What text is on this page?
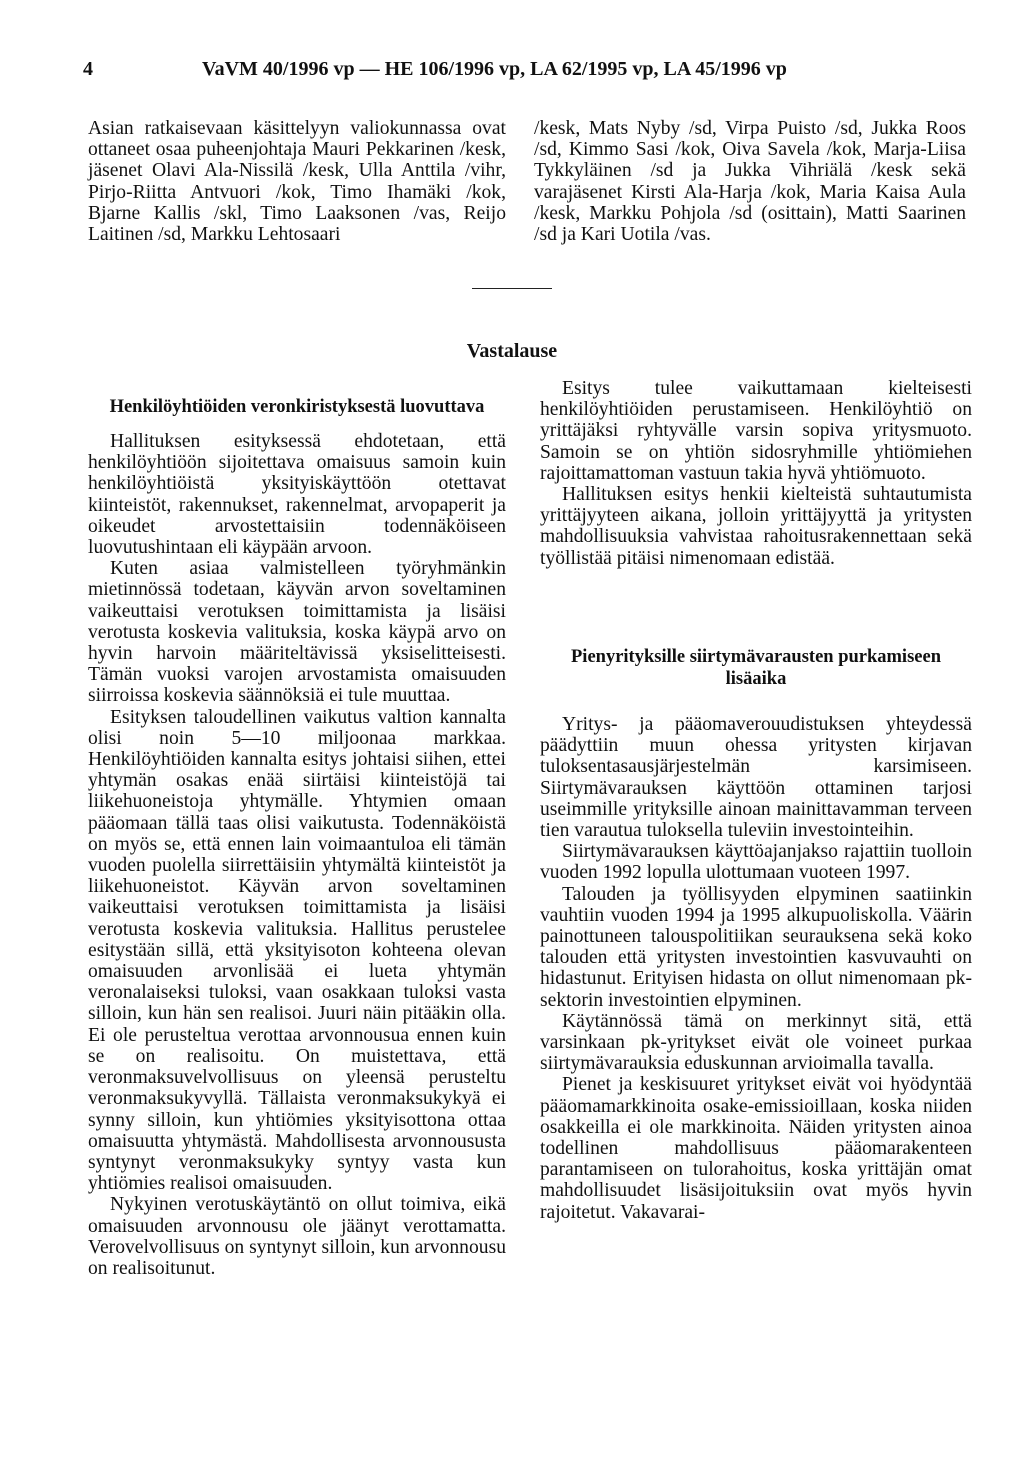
4	VaVM 40/1996 vp — HE 106/1996 vp, LA 62/1995 vp, LA 45/1996 vp

Asian ratkaisevaan käsittelyyn valiokunnassa ovat ottaneet osaa puheenjohtaja Mauri Pekkarinen /kesk, jäsenet Olavi Ala-Nissilä /kesk, Ulla Anttila /vihr, Pirjo-Riitta Antvuori /kok, Timo Ihamäki /kok, Bjarne Kallis /skl, Timo Laaksonen /vas, Reijo Laitinen /sd, Markku Lehtosaari

/kesk, Mats Nyby /sd, Virpa Puisto /sd, Jukka Roos /sd, Kimmo Sasi /kok, Oiva Savela /kok, Marja-Liisa Tykkyläinen /sd ja Jukka Vihriälä /kesk sekä varajäsenet Kirsti Ala-Harja /kok, Maria Kaisa Aula /kesk, Markku Pohjola /sd (osittain), Matti Saarinen /sd ja Kari Uotila /vas.

Vastalause
Henkilöyhtiöiden veronkiristyksestä luovuttava

Hallituksen esityksessä ehdotetaan, että henkilöyhtiöön sijoitettava omaisuus samoin kuin henkilöyhtiöistä yksityiskäyttöön otettavat kiinteistöt, rakennukset, rakennelmat, arvopaperit ja oikeudet arvostettaisiin todennäköiseen luovutushintaan eli käypään arvoon.

Kuten asiaa valmistelleen työryhmänkin mietinnössä todetaan, käyvän arvon soveltaminen vaikeuttaisi verotuksen toimittamista ja lisäisi verotusta koskevia valituksia, koska käypä arvo on hyvin harvoin määriteltävissä yksiselitteisesti. Tämän vuoksi varojen arvostamista omaisuuden siirroissa koskevia säännöksiä ei tule muuttaa.

Esityksen taloudellinen vaikutus valtion kannalta olisi noin 5—10 miljoonaa markkaa. Henkilöyhtiöiden kannalta esitys johtaisi siihen, ettei yhtymän osakas enää siirtäisi kiinteistöjä tai liikehuoneistoja yhtymälle. Yhtymien omaan pääomaan tällä taas olisi vaikutusta. Todennäköistä on myös se, että ennen lain voimaantuloa eli tämän vuoden puolella siirrettäisiin yhtymältä kiinteistöt ja liikehuoneistot. Käyvän arvon soveltaminen vaikeuttaisi verotuksen toimittamista ja lisäisi verotusta koskevia valituksia. Hallitus perustelee esitystään sillä, että yksityisoton kohteena olevan omaisuuden arvonlisää ei lueta yhtymän veronalaiseksi tuloksi, vaan osakkaan tuloksi vasta silloin, kun hän sen realisoi. Juuri näin pitääkin olla. Ei ole perusteltua verottaa arvonnousua ennen kuin se on realisoitu. On muistettava, että veronmaksuvelvollisuus on yleensä perusteltu veronmaksukyvyllä. Tällaista veronmaksukykyä ei synny silloin, kun yhtiömies yksityisottona ottaa omaisuutta yhtymästä. Mahdollisesta arvonnoususta syntynyt veronmaksukyky syntyy vasta kun yhtiömies realisoi omaisuuden.

Nykyinen verotuskäytäntö on ollut toimiva, eikä omaisuuden arvonnousu ole jäänyt verottamatta. Verovelvollisuus on syntynyt silloin, kun arvonnousu on realisoitunut.

Esitys tulee vaikuttamaan kielteisesti henkilöyhtiöiden perustamiseen. Henkilöyhtiö on yrittäjäksi ryhtyvälle varsin sopiva yritysmuoto. Samoin se on yhtiön sidosryhmille yhtiömiehen rajoittamattoman vastuun takia hyvä yhtiömuoto.

Hallituksen esitys henkii kielteistä suhtautumista yrittäjyyteen aikana, jolloin yrittäjyyttä ja yritysten mahdollisuuksia vahvistaa rahoitusrakennettaan sekä työllistää pitäisi nimenomaan edistää.

Pienyrityksille siirtymävarausten purkamiseen lisäaika

Yritys- ja pääomaverouudistuksen yhteydessä päädyttiin muun ohessa yritysten kirjavan tuloksentasausjärjestelmän karsimiseen. Siirtymävarauksen käyttöön ottaminen tarjosi useimmille yrityksille ainoan mainittavamman terveen tien varautua tuloksella tuleviin investointeihin.

Siirtymävarauksen käyttöajanjakso rajattiin tuolloin vuoden 1992 lopulla ulottumaan vuoteen 1997.

Talouden ja työllisyyden elpyminen saatiinkin vauhtiin vuoden 1994 ja 1995 alkupuoliskolla. Väärin painottuneen talouspolitiikan seurauksena sekä koko talouden että yritysten investointien kasvuvauhti on hidastunut. Erityisen hidasta on ollut nimenomaan pk-sektorin investointien elpyminen.

Käytännössä tämä on merkinnyt sitä, että varsinkaan pk-yritykset eivät ole voineet purkaa siirtymävarauksia eduskunnan arvioimalla tavalla.

Pienet ja keskisuuret yritykset eivät voi hyödyntää pääomamarkkinoita osake-emissioillaan, koska niiden osakkeilla ei ole markkinoita. Näiden yritysten ainoa todellinen mahdollisuus pääomarakenteen parantamiseen on tulorahoitus, koska yrittäjän omat mahdollisuudet lisäsijoituksiin ovat myös hyvin rajoitetut. Vakavarai-
